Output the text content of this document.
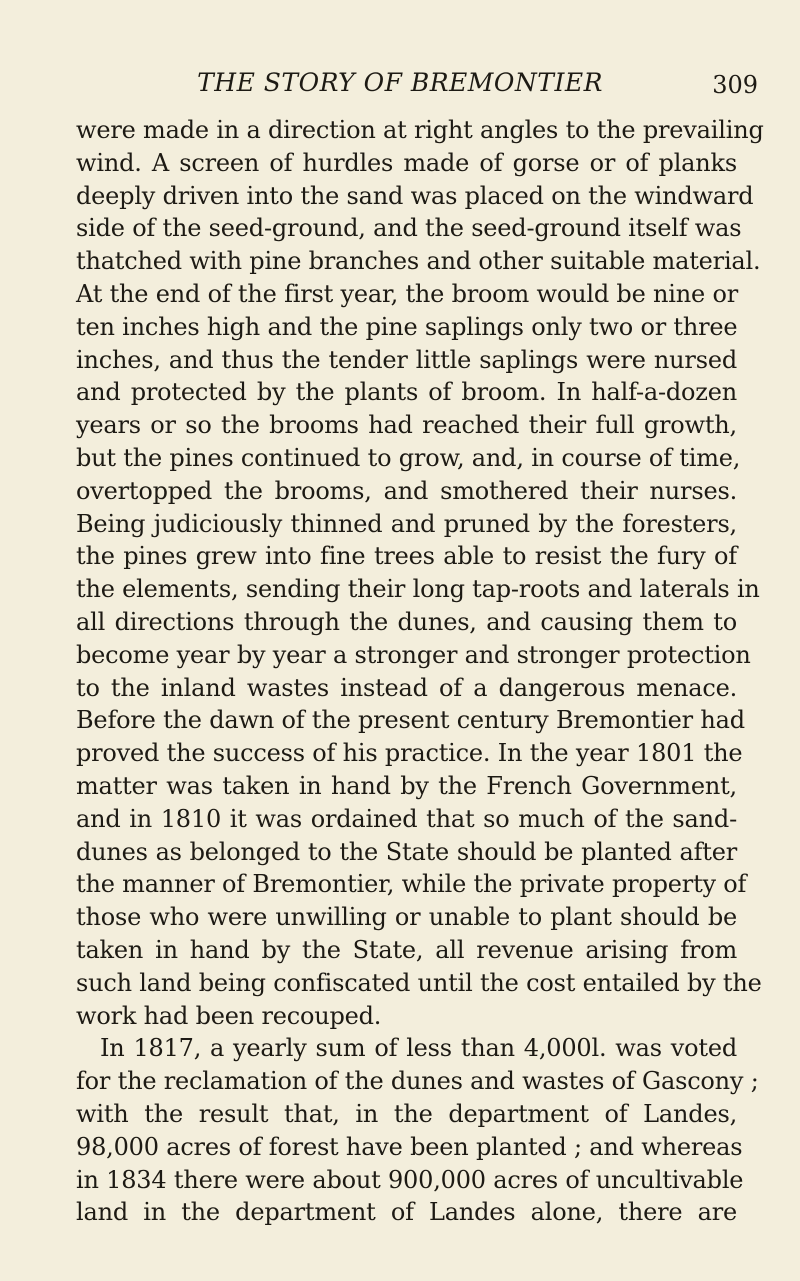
THE STORY OF BREMONTIER	309
were made in a direction at right angles to the prevailing
wind. A screen of hurdles made of gorse or of planks
deeply driven into the sand was placed on the windward
side of the seed-ground, and the seed-ground itself was
thatched with pine branches and other suitable material.
At the end of the first year, the broom would be nine or
ten inches high and the pine saplings only two or three
inches, and thus the tender little saplings were nursed
and protected by the plants of broom. In half-a-dozen
years or so the brooms had reached their full growth,
but the pines continued to grow, and, in course of time,
overtopped the brooms, and smothered their nurses.
Being judiciously thinned and pruned by the foresters,
the pines grew into fine trees able to resist the fury of
the elements, sending their long tap-roots and laterals in
all directions through the dunes, and causing them to
become year by year a stronger and stronger protection
to the inland wastes instead of a dangerous menace.
Before the dawn of the present century Bremontier had
proved the success of his practice. In the year 1801 the
matter was taken in hand by the French Government,
and in 1810 it was ordained that so much of the sand-
dunes as belonged to the State should be planted after
the manner of Bremontier, while the private property of
those who were unwilling or unable to plant should be
taken in hand by the State, all revenue arising from
such land being confiscated until the cost entailed by the
work had been recouped.
In 1817, a yearly sum of less than 4,000l. was voted
for the reclamation of the dunes and wastes of Gascony ;
with the result that, in the department of Landes,
98,000 acres of forest have been planted ; and whereas
in 1834 there were about 900,000 acres of uncultivable
land in the department of Landes alone, there are
